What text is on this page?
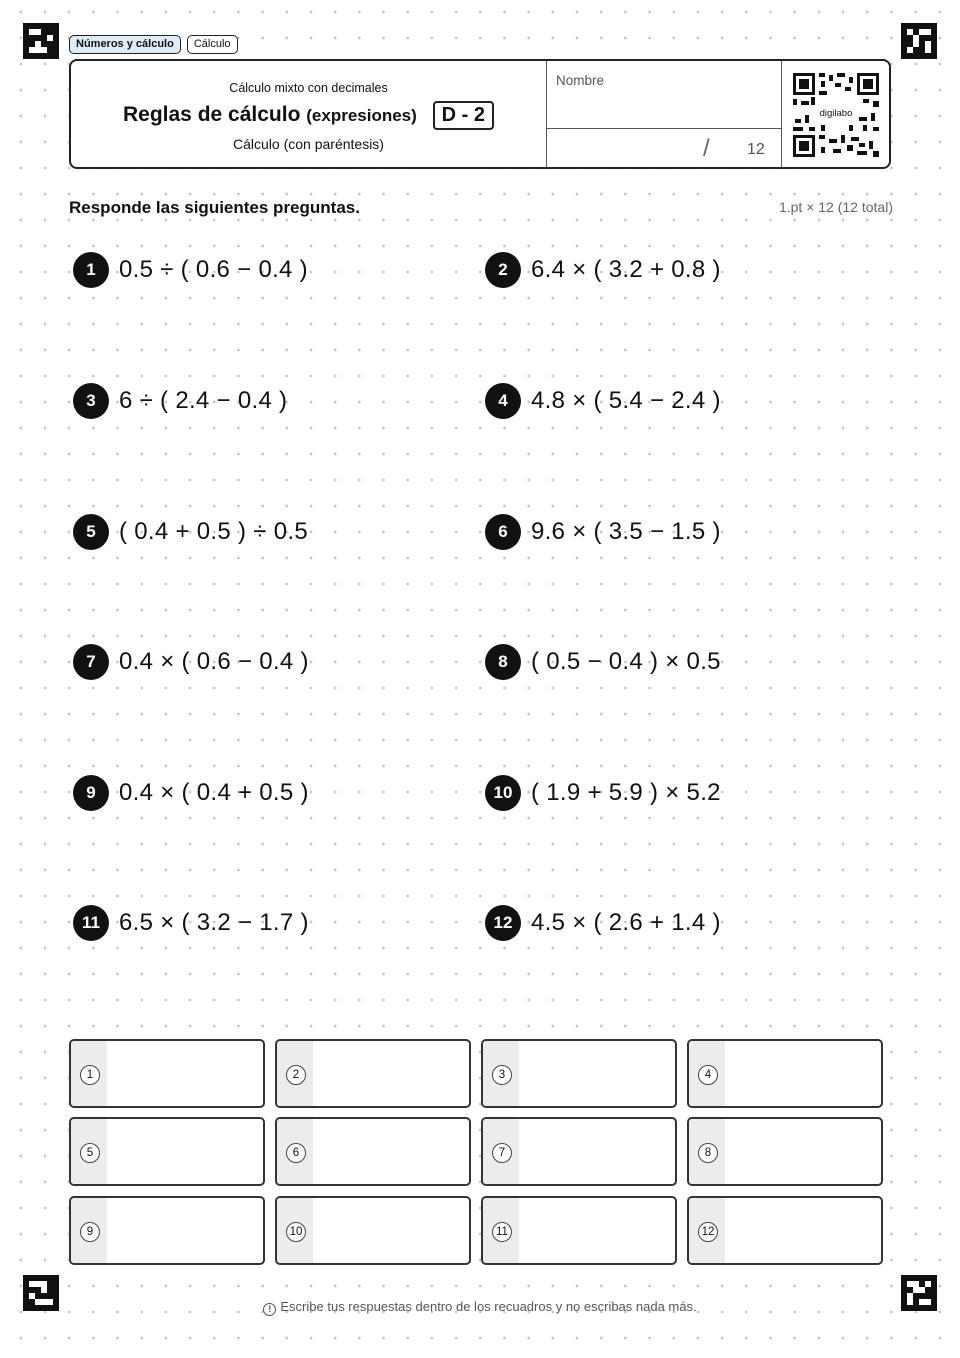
Números y cálculo	Cálculo
Cálculo mixto con decimales
Reglas de cálculo (expresiones) D - 2
Cálculo (con paréntesis)
Nombre
/ 12
digilabo
Responde las siguientes preguntas.	1.pt × 12 (12 total)
1 0.5 ÷ ( 0.6 − 0.4 )	2 6.4 × ( 3.2 + 0.8 )
3 6 ÷ ( 2.4 − 0.4 )	4 4.8 × ( 5.4 − 2.4 )
5 ( 0.4 + 0.5 ) ÷ 0.5	6 9.6 × ( 3.5 − 1.5 )
7 0.4 × ( 0.6 − 0.4 )	8 ( 0.5 − 0.4 ) × 0.5
9 0.4 × ( 0.4 + 0.5 )	10 ( 1.9 + 5.9 ) × 5.2
11 6.5 × ( 3.2 − 1.7 )	12 4.5 × ( 2.6 + 1.4 )
1	2	3	4
5	6	7	8
9	10	11	12
! Escribe tus respuestas dentro de los recuadros y no escribas nada más.
